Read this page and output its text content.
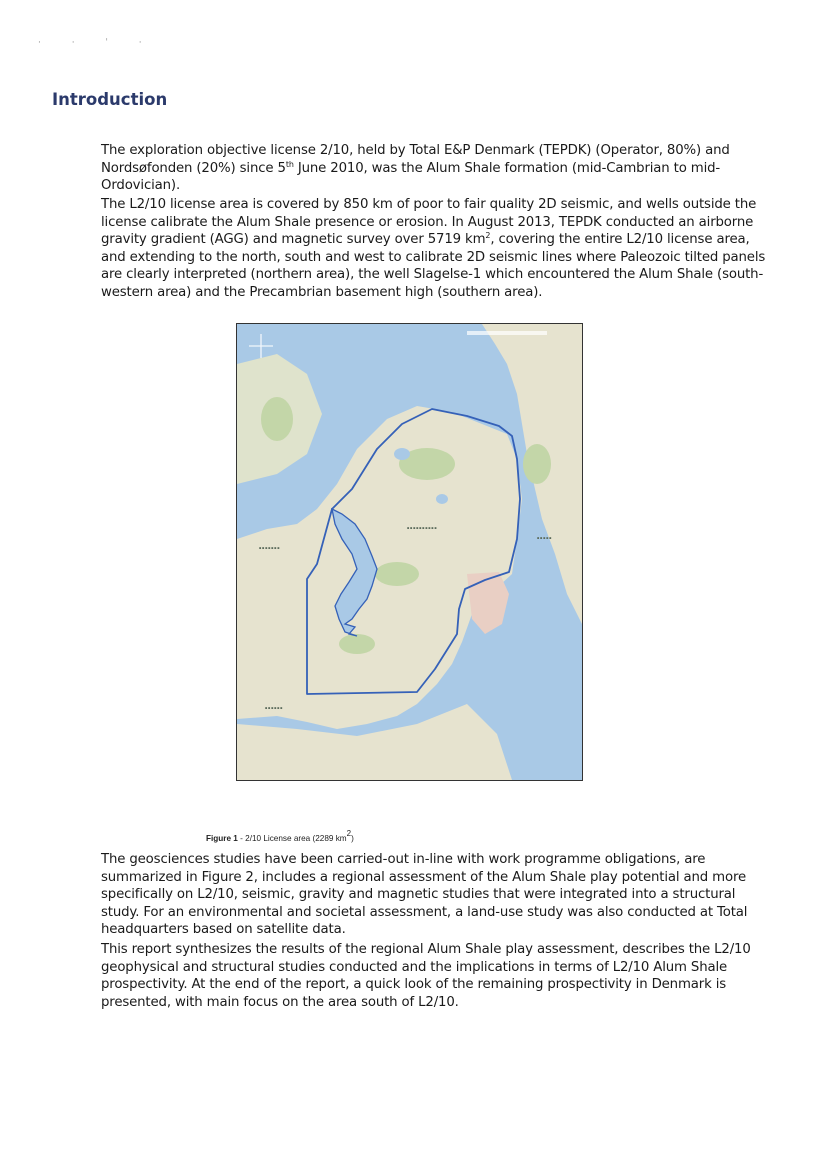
· · ˈ ·
Introduction

The exploration objective license 2/10, held by Total E&P Denmark (TEPDK) (Operator, 80%) and Nordsøfonden (20%) since 5th June 2010, was the Alum Shale formation (mid-Cambrian to mid-Ordovician).

The L2/10 license area is covered by 850 km of poor to fair quality 2D seismic, and wells outside the license calibrate the Alum Shale presence or erosion. In August 2013, TEPDK conducted an airborne gravity gradient (AGG) and magnetic survey over 5719 $km^2$, covering the entire L2/10 license area, and extending to the north, south and west to calibrate 2D seismic lines where Paleozoic tilted panels are clearly interpreted (northern area), the well Slagelse-1 which encountered the Alum Shale (south-western area) and the Precambrian basement high (southern area).

▪▪▪▪▪▪▪▪▪▪
▪▪▪▪▪▪▪
▪▪▪▪▪
▪▪▪▪▪▪

Figure 1 - 2/10 License area (2289 $km^2$)

The geosciences studies have been carried-out in-line with work programme obligations, are summarized in Figure 2, includes a regional assessment of the Alum Shale play potential and more specifically on L2/10, seismic, gravity and magnetic studies that were integrated into a structural study. For an environmental and societal assessment, a land-use study was also conducted at Total headquarters based on satellite data.

This report synthesizes the results of the regional Alum Shale play assessment, describes the L2/10 geophysical and structural studies conducted and the implications in terms of L2/10 Alum Shale prospectivity. At the end of the report, a quick look of the remaining prospectivity in Denmark is presented, with main focus on the area south of L2/10.
